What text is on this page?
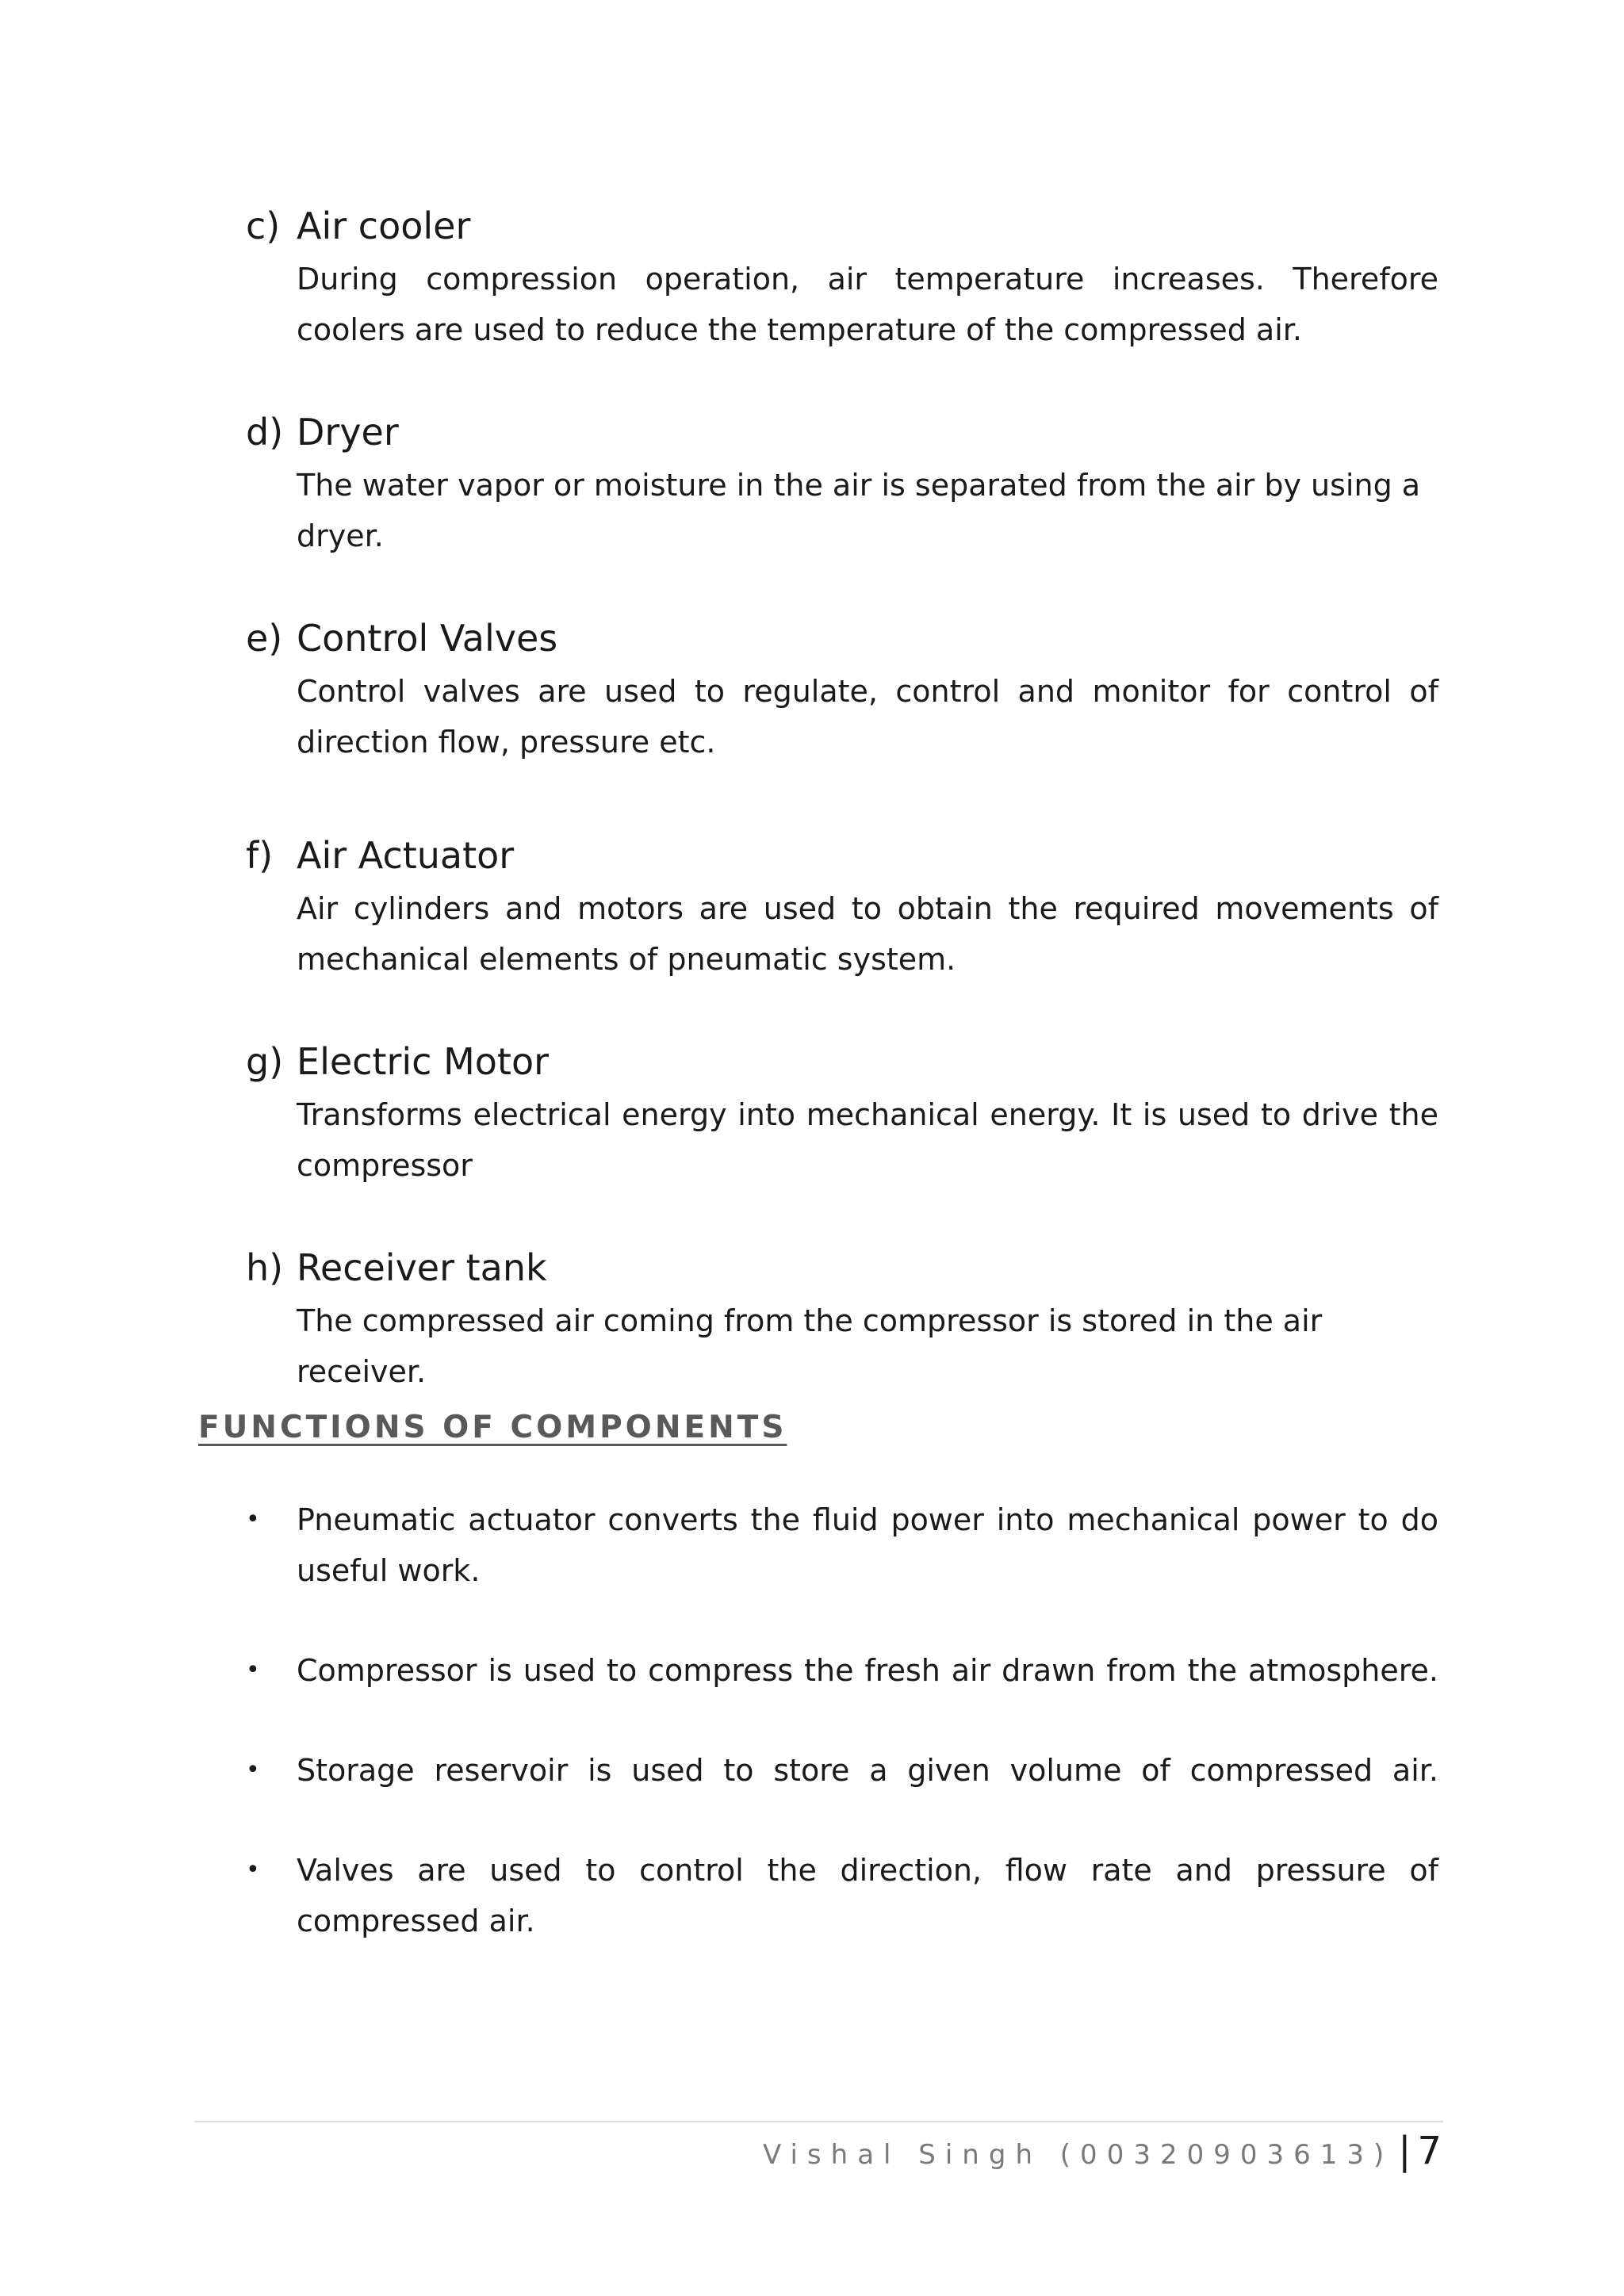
c) Air cooler
During compression operation, air temperature increases. Therefore coolers are used to reduce the temperature of the compressed air.
d) Dryer
The water vapor or moisture in the air is separated from the air by using a dryer.
e) Control Valves
Control valves are used to regulate, control and monitor for control of direction flow, pressure etc.
f) Air Actuator
Air cylinders and motors are used to obtain the required movements of mechanical elements of pneumatic system.
g) Electric Motor
Transforms electrical energy into mechanical energy. It is used to drive the compressor
h) Receiver tank
The compressed air coming from the compressor is stored in the air receiver.
FUNCTIONS OF COMPONENTS
•	Pneumatic actuator converts the fluid power into mechanical power to do useful work.
•	Compressor is used to compress the fresh air drawn from the atmosphere.
•	Storage reservoir is used to store a given volume of compressed air.
•	Valves are used to control the direction, flow rate and pressure of compressed air.
Vishal Singh (00320903613) | 7
